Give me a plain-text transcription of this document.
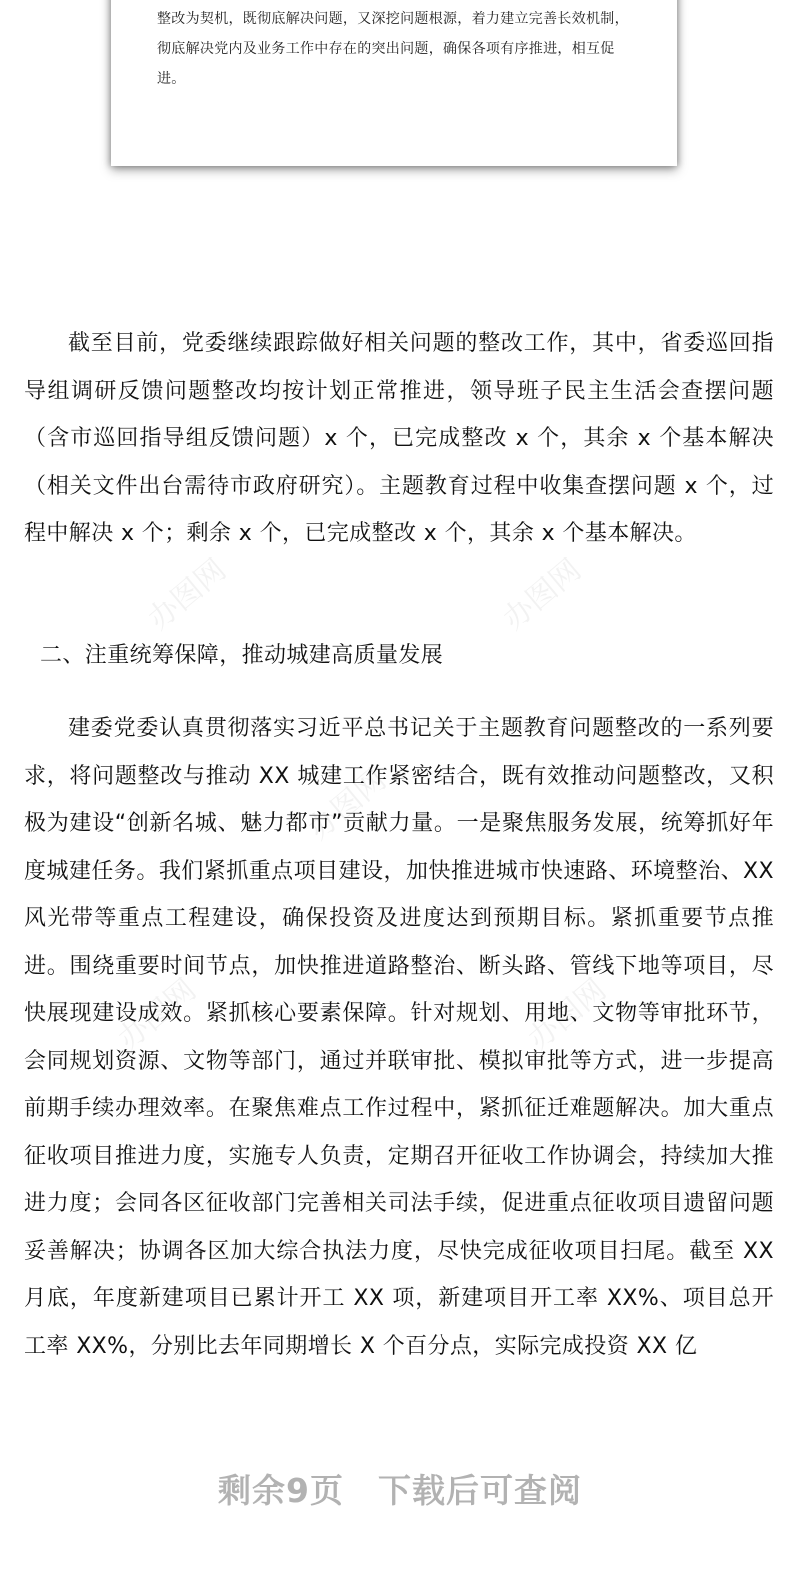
整改为契机，既彻底解决问题，又深挖问题根源，着力建立完善长效机制，彻底解决党内及业务工作中存在的突出问题，确保各项有序推进，相互促进。

办图网	办图网
办图网
办图网	办图网

截至目前，党委继续跟踪做好相关问题的整改工作，其中，省委巡回指导组调研反馈问题整改均按计划正常推进，领导班子民主生活会查摆问题（含市巡回指导组反馈问题）x 个，已完成整改 x 个，其余 x 个基本解决（相关文件出台需待市政府研究）。主题教育过程中收集查摆问题 x 个，过程中解决 x 个；剩余 x 个，已完成整改 x 个，其余 x 个基本解决。

二、注重统筹保障，推动城建高质量发展

建委党委认真贯彻落实习近平总书记关于主题教育问题整改的一系列要求，将问题整改与推动 XX 城建工作紧密结合，既有效推动问题整改，又积极为建设“创新名城、魅力都市”贡献力量。一是聚焦服务发展，统筹抓好年度城建任务。我们紧抓重点项目建设，加快推进城市快速路、环境整治、XX 风光带等重点工程建设，确保投资及进度达到预期目标。紧抓重要节点推进。围绕重要时间节点，加快推进道路整治、断头路、管线下地等项目，尽快展现建设成效。紧抓核心要素保障。针对规划、用地、文物等审批环节，会同规划资源、文物等部门，通过并联审批、模拟审批等方式，进一步提高前期手续办理效率。在聚焦难点工作过程中，紧抓征迁难题解决。加大重点征收项目推进力度，实施专人负责，定期召开征收工作协调会，持续加大推进力度；会同各区征收部门完善相关司法手续，促进重点征收项目遗留问题妥善解决；协调各区加大综合执法力度，尽快完成征收项目扫尾。截至 XX 月底，年度新建项目已累计开工 XX 项，新建项目开工率 XX%、项目总开工率 XX%，分别比去年同期增长 X 个百分点，实际完成投资 XX 亿

剩余9页 下载后可查阅
